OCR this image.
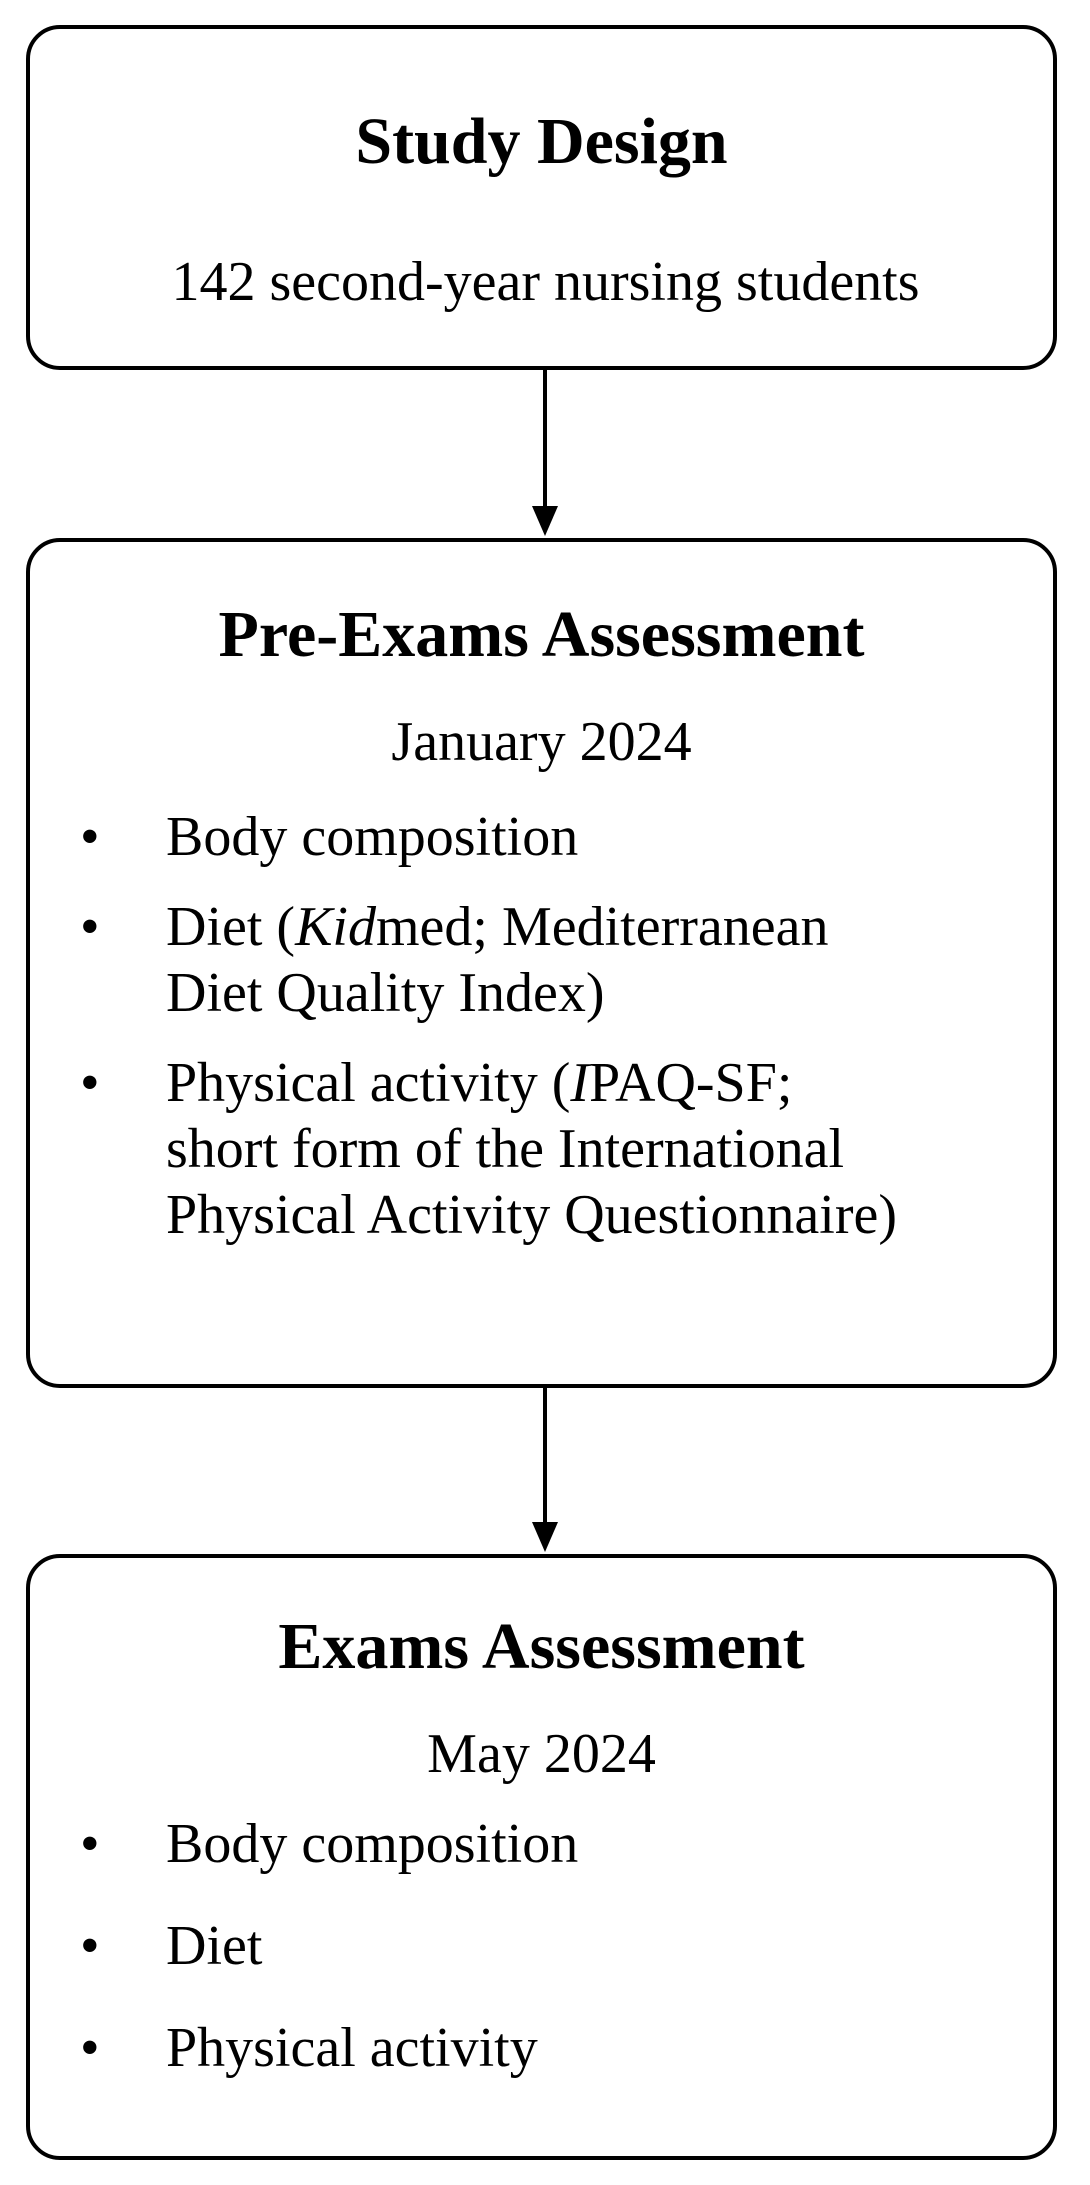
Study Design
142 second-year nursing students
Pre-Exams Assessment
January 2024
• Body composition
• Diet (Kidmed; Mediterranean
Diet Quality Index)
• Physical activity (IPAQ-SF;
short form of the International
Physical Activity Questionnaire)
Exams Assessment
May 2024
• Body composition
• Diet
• Physical activity
